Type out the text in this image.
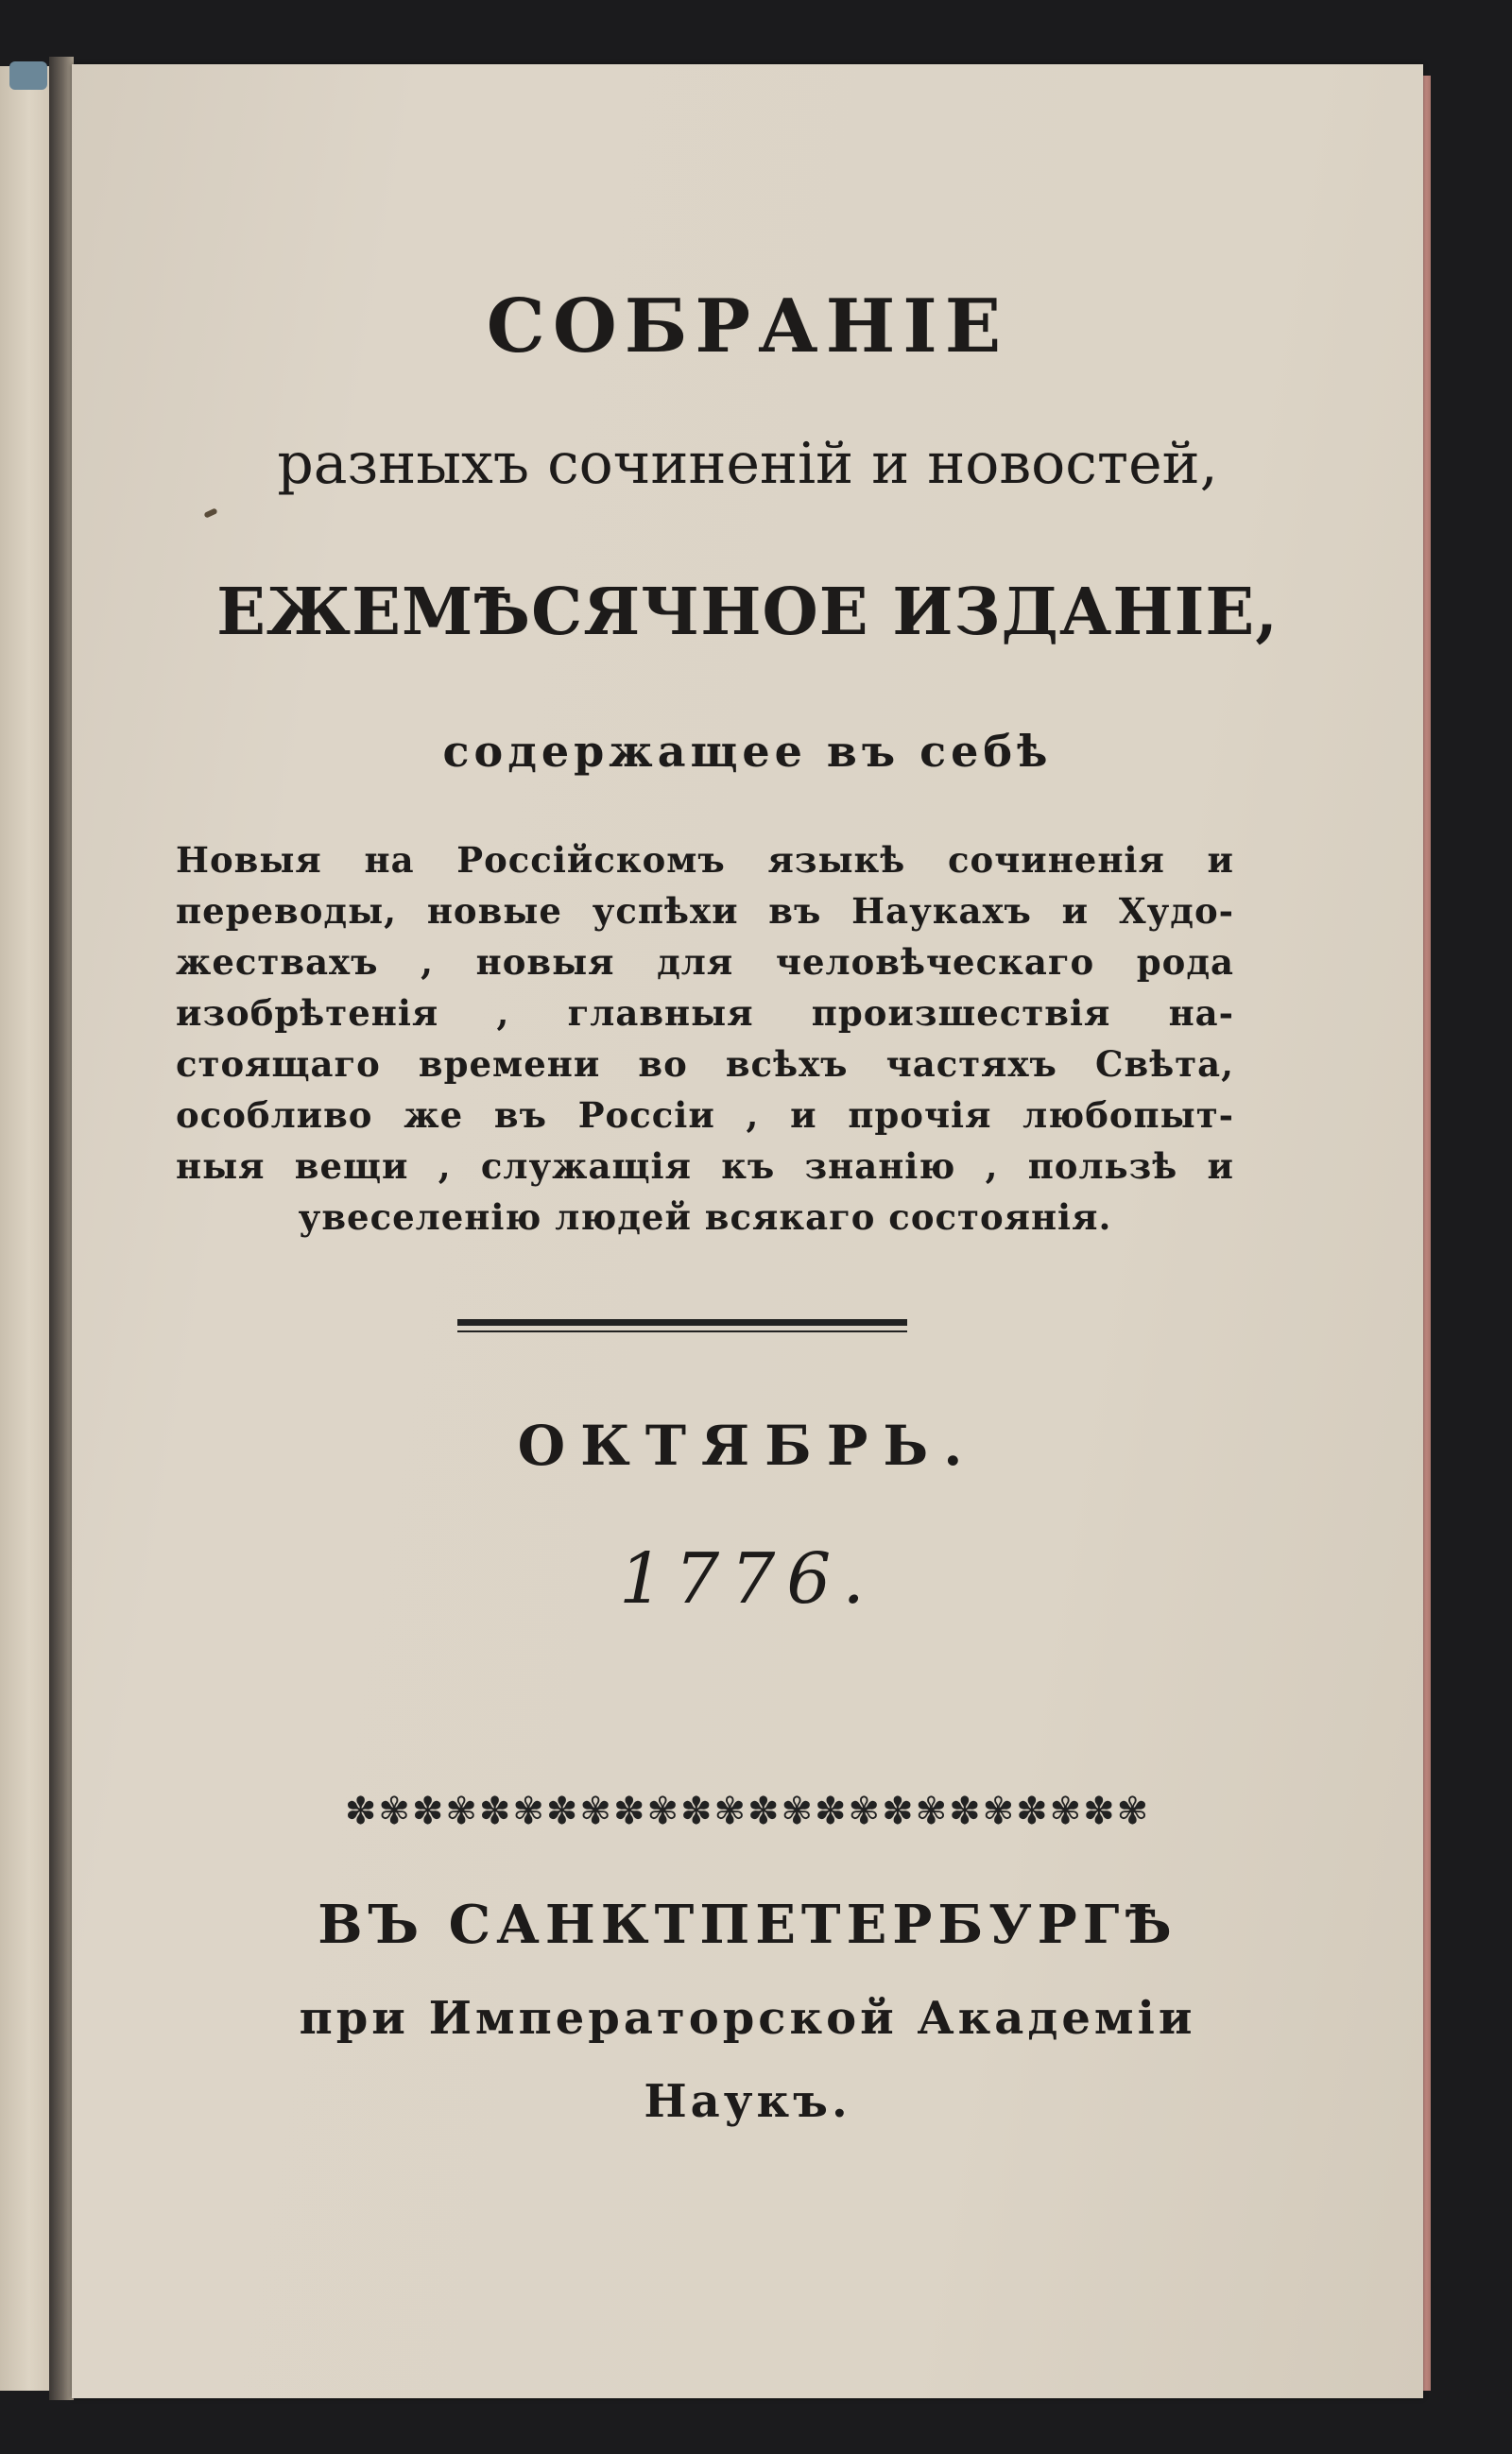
СОБРАНІЕ
разныхъ сочиненій и новостей,
ЕЖЕМѢСЯЧНОЕ ИЗДАНІЕ,
содержащее въ себѣ
Новыя на Россійскомъ языкѣ сочиненія и
переводы, новые успѣхи въ Наукахъ и Худо-
жествахъ , новыя для человѣческаго рода
изобрѣтенія , главныя произшествія на-
стоящаго времени во всѣхъ частяхъ Свѣта,
особливо же въ Россіи , и прочія любопыт-
ныя вещи , служащія къ знанію , пользѣ и
увеселенію людей всякаго состоянія.
ОКТЯБРЬ.
1776.
✽✾✽✾✽✾✽✾✽✾✽✾✽✾✽✾✽✾✽✾✽✾✽✾
ВЪ САНКТПЕТЕРБУРГѢ
при Императорской Академіи
Наукъ.
